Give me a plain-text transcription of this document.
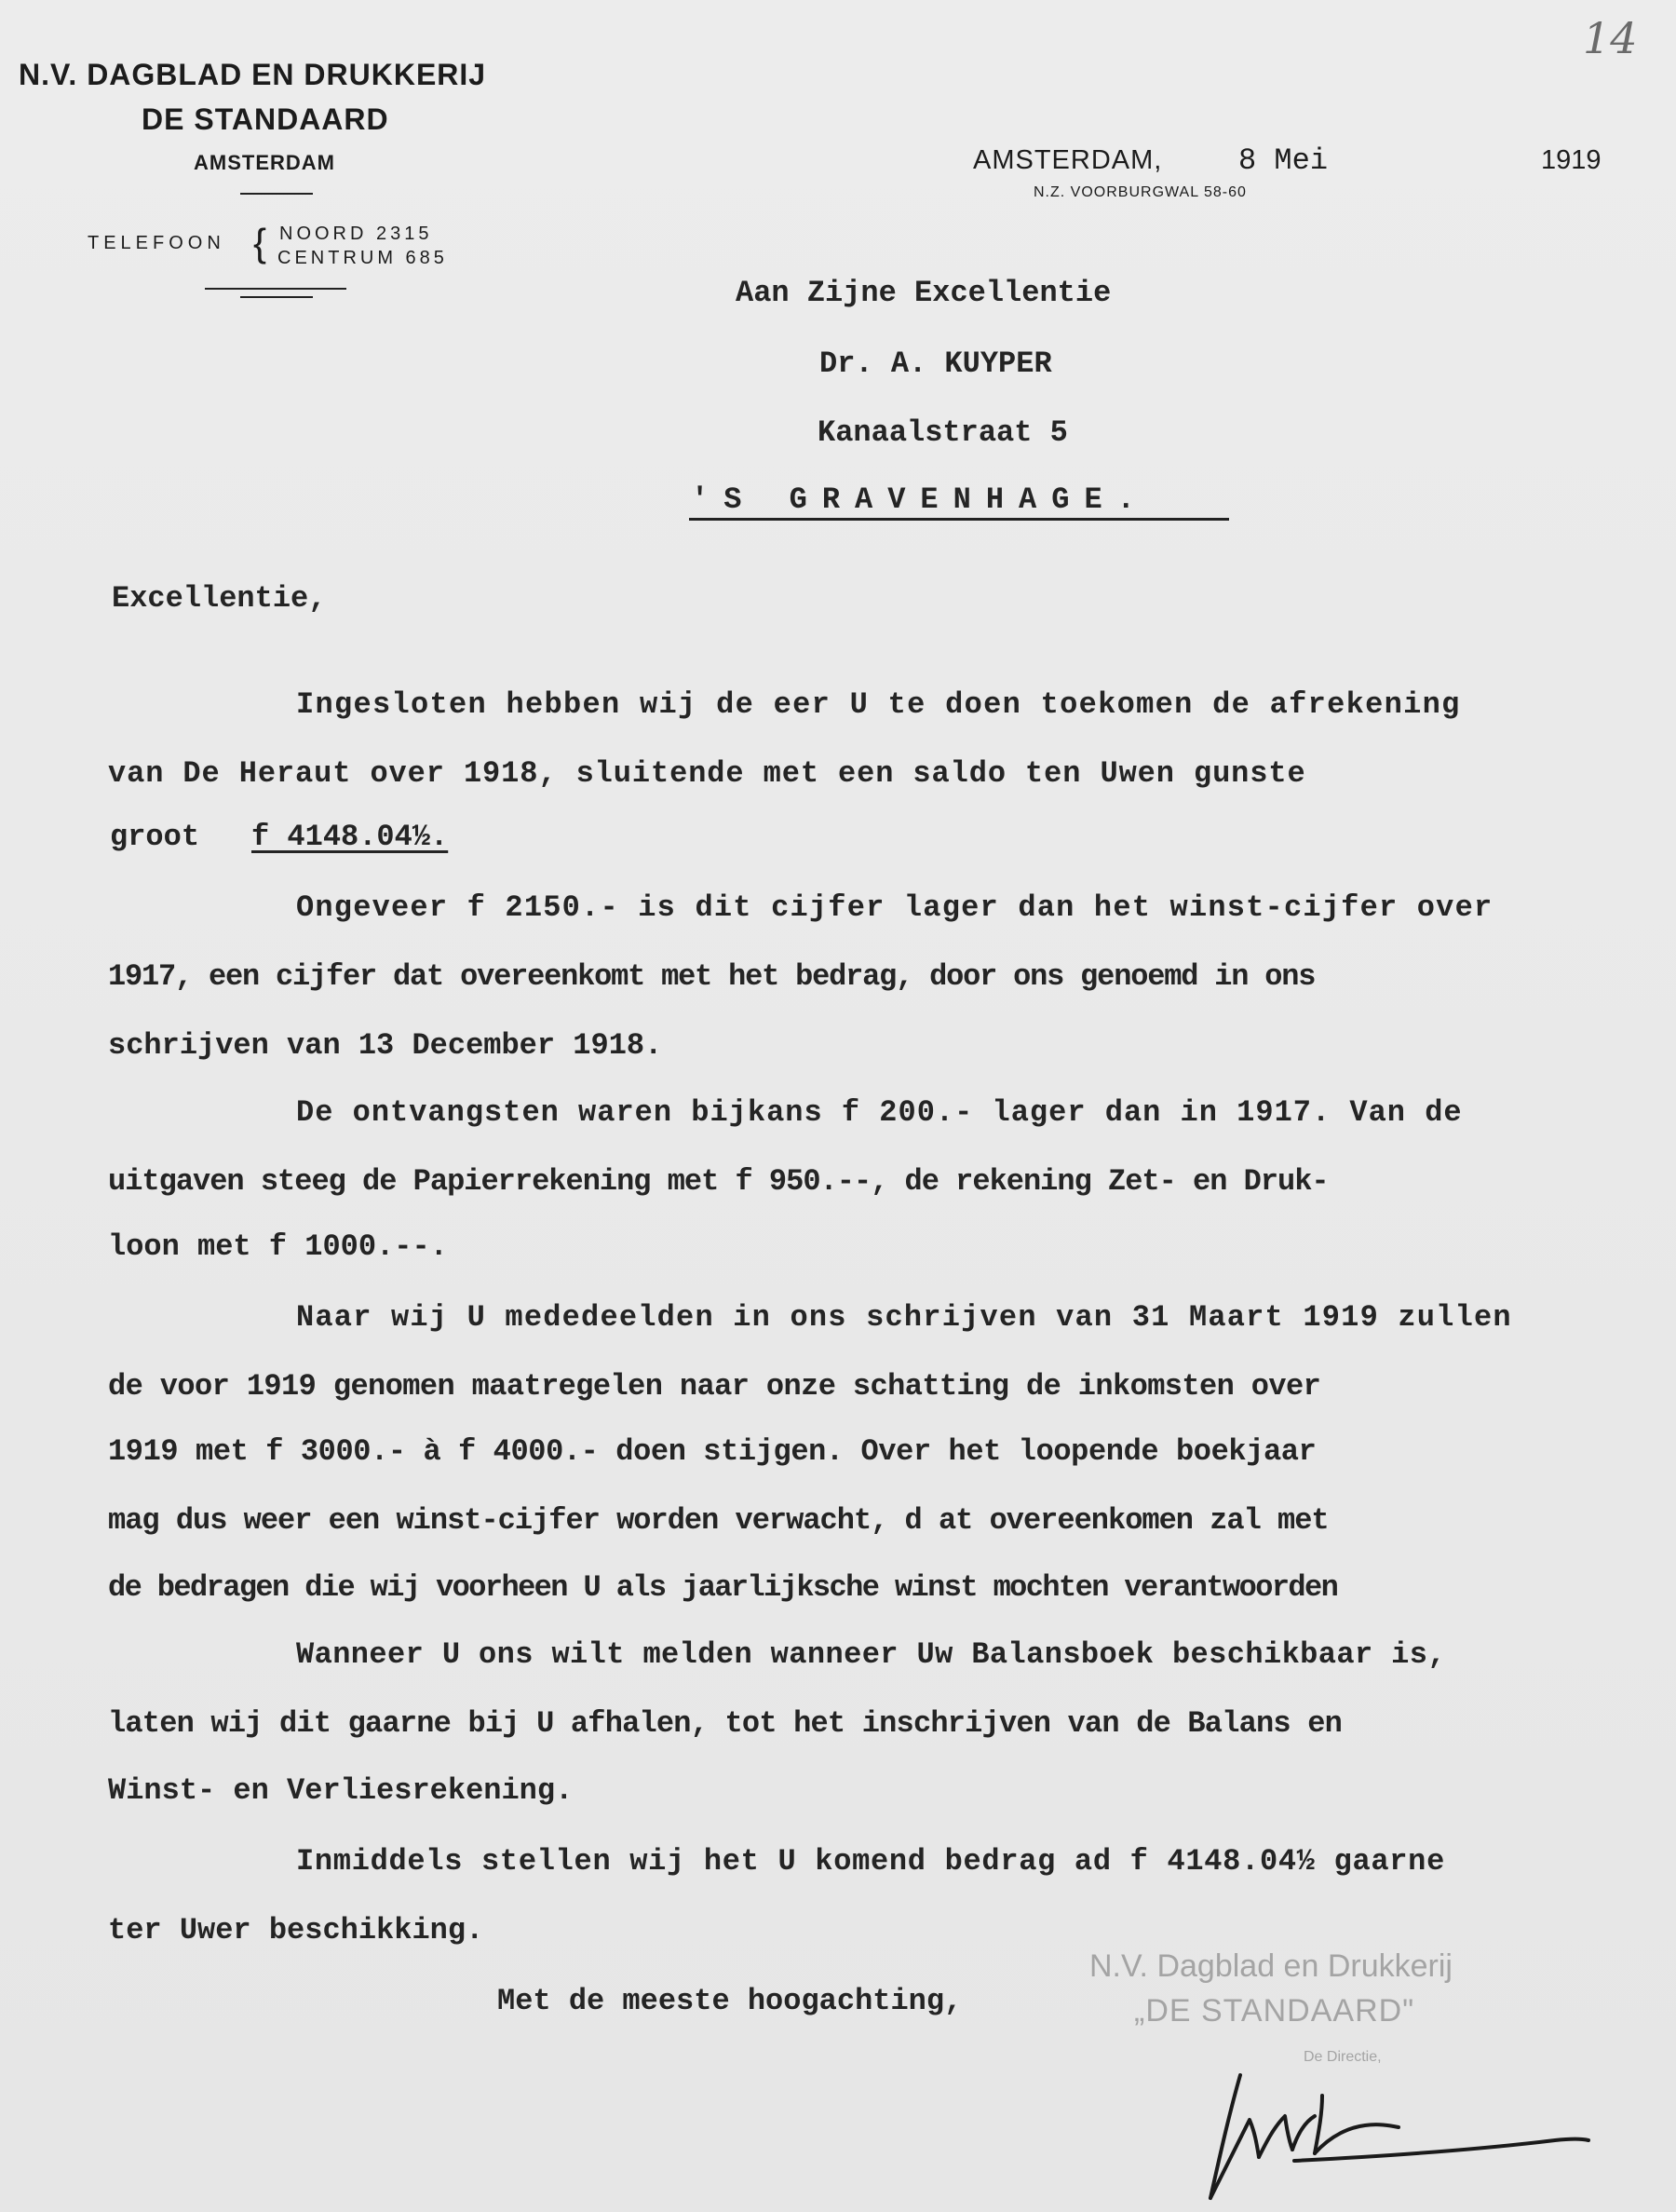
N.V. DAGBLAD EN DRUKKERIJ
DE STANDAARD
AMSTERDAM
TELEFOON { NOORD 2315
CENTRUM 685
AMSTERDAM,	8 Mei	1919
N.Z. VOORBURGWAL 58-60
14
Aan Zijne Excellentie
Dr. A. KUYPER
Kanaalstraat 5
'S GRAVENHAGE.
Excellentie,
Ingesloten hebben wij de eer U te doen toekomen de afrekening
van De Heraut over 1918, sluitende met een saldo ten Uwen gunste
groot f 4148.04½.
Ongeveer f 2150.- is dit cijfer lager dan het winst-cijfer over
1917, een cijfer dat overeenkomt met het bedrag, door ons genoemd in ons
schrijven van 13 December 1918.
De ontvangsten waren bijkans f 200.- lager dan in 1917. Van de
uitgaven steeg de Papierrekening met f 950.--, de rekening Zet- en Druk-
loon met f 1000.--.
Naar wij U mededeelden in ons schrijven van 31 Maart 1919 zullen
de voor 1919 genomen maatregelen naar onze schatting de inkomsten over
1919 met f 3000.- à f 4000.- doen stijgen. Over het loopende boekjaar
mag dus weer een winst-cijfer worden verwacht, d at overeenkomen zal met
de bedragen die wij voorheen U als jaarlijksche winst mochten verantwoorden
Wanneer U ons wilt melden wanneer Uw Balansboek beschikbaar is,
laten wij dit gaarne bij U afhalen, tot het inschrijven van de Balans en
Winst- en Verliesrekening.
Inmiddels stellen wij het U komend bedrag ad f 4148.04½ gaarne
ter Uwer beschikking.
Met de meeste hoogachting,
N.V. Dagblad en Drukkerij
„DE STANDAARD"
De Directie,
